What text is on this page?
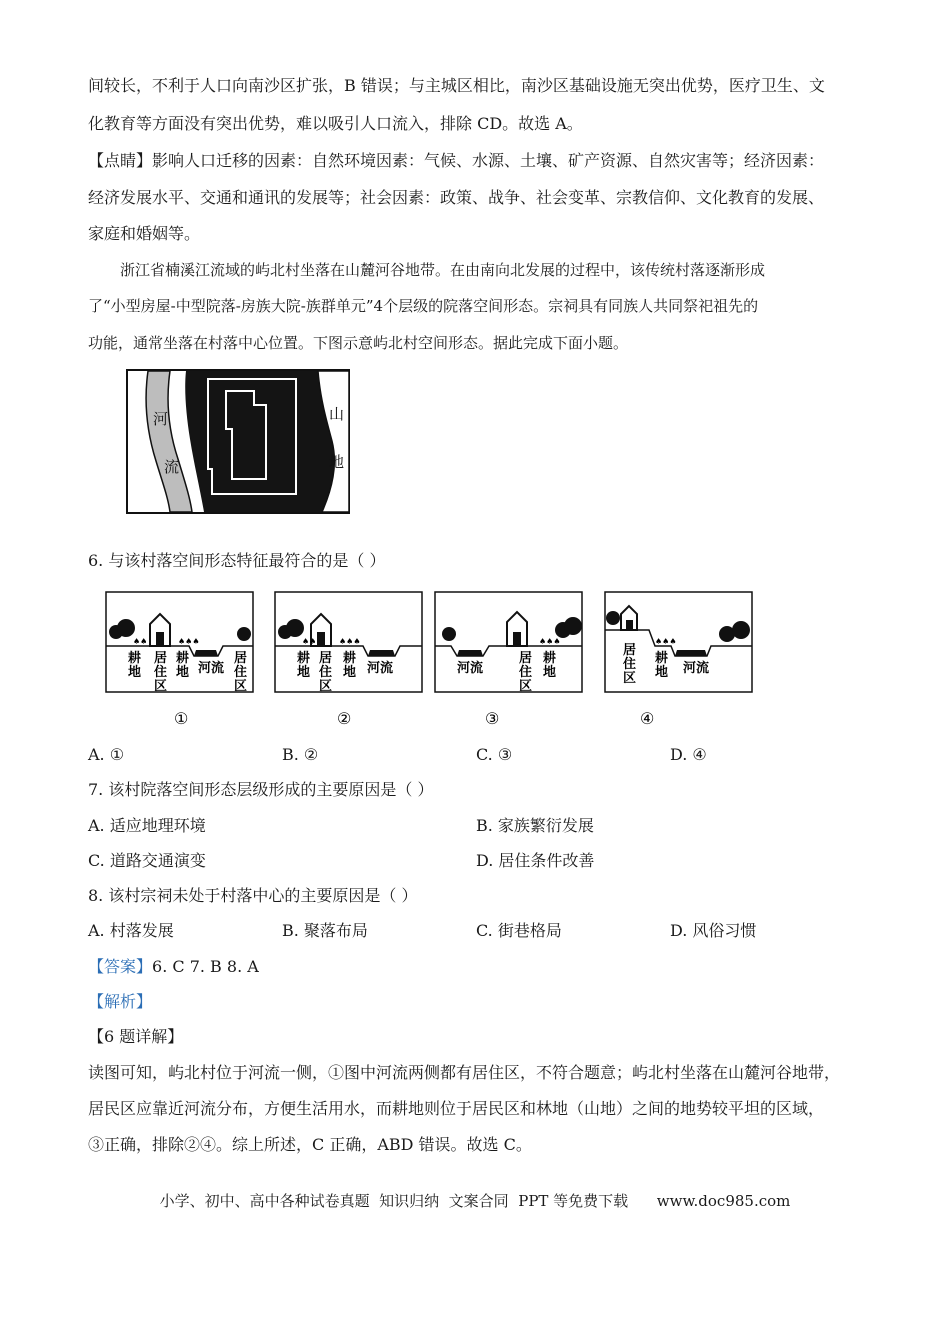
间较长，不利于人口向南沙区扩张，B 错误；与主城区相比，南沙区基础设施无突出优势，医疗卫生、文
化教育等方面没有突出优势，难以吸引人口流入，排除 CD。故选 A。
【点睛】影响人口迁移的因素：自然环境因素：气候、水源、土壤、矿产资源、自然灾害等；经济因素：
经济发展水平、交通和通讯的发展等；社会因素：政策、战争、社会变革、宗教信仰、文化教育的发展、
家庭和婚姻等。
浙江省楠溪江流域的屿北村坐落在山麓河谷地带。在由南向北发展的过程中，该传统村落逐渐形成
了“小型房屋-中型院落-房族大院-族群单元”4个层级的院落空间形态。宗祠具有同族人共同祭祀祖先的
功能，通常坐落在村落中心位置。下图示意屿北村空间形态。据此完成下面小题。
河
流
山
地
6. 与该村落空间形态特征最符合的是（ ）
♠♠	♠♠♠
耕
地
居
住
区
耕
地 河流
居
住
区
①
♠♠	♠♠♠
耕
地
居
住
区
耕
地 河流
②
♠♠♠
河流
居
住
区
耕
地
③
♠♠♠
居
住
区
耕
地 河流
④
A. ①	B. ②	C. ③	D. ④
7. 该村院落空间形态层级形成的主要原因是（ ）
A. 适应地理环境	B. 家族繁衍发展
C. 道路交通演变	D. 居住条件改善
8. 该村宗祠未处于村落中心的主要原因是（ ）
A. 村落发展	B. 聚落布局	C. 街巷格局	D. 风俗习惯
【答案】6. C 7. B 8. A
【解析】
【6 题详解】
读图可知，屿北村位于河流一侧，①图中河流两侧都有居住区，不符合题意；屿北村坐落在山麓河谷地带，
居民区应靠近河流分布，方便生活用水，而耕地则位于居民区和林地（山地）之间的地势较平坦的区域，
③正确，排除②④。综上所述，C 正确，ABD 错误。故选 C。
小学、初中、高中各种试卷真题  知识归纳  文案合同  PPT 等免费下载      www.doc985.com
